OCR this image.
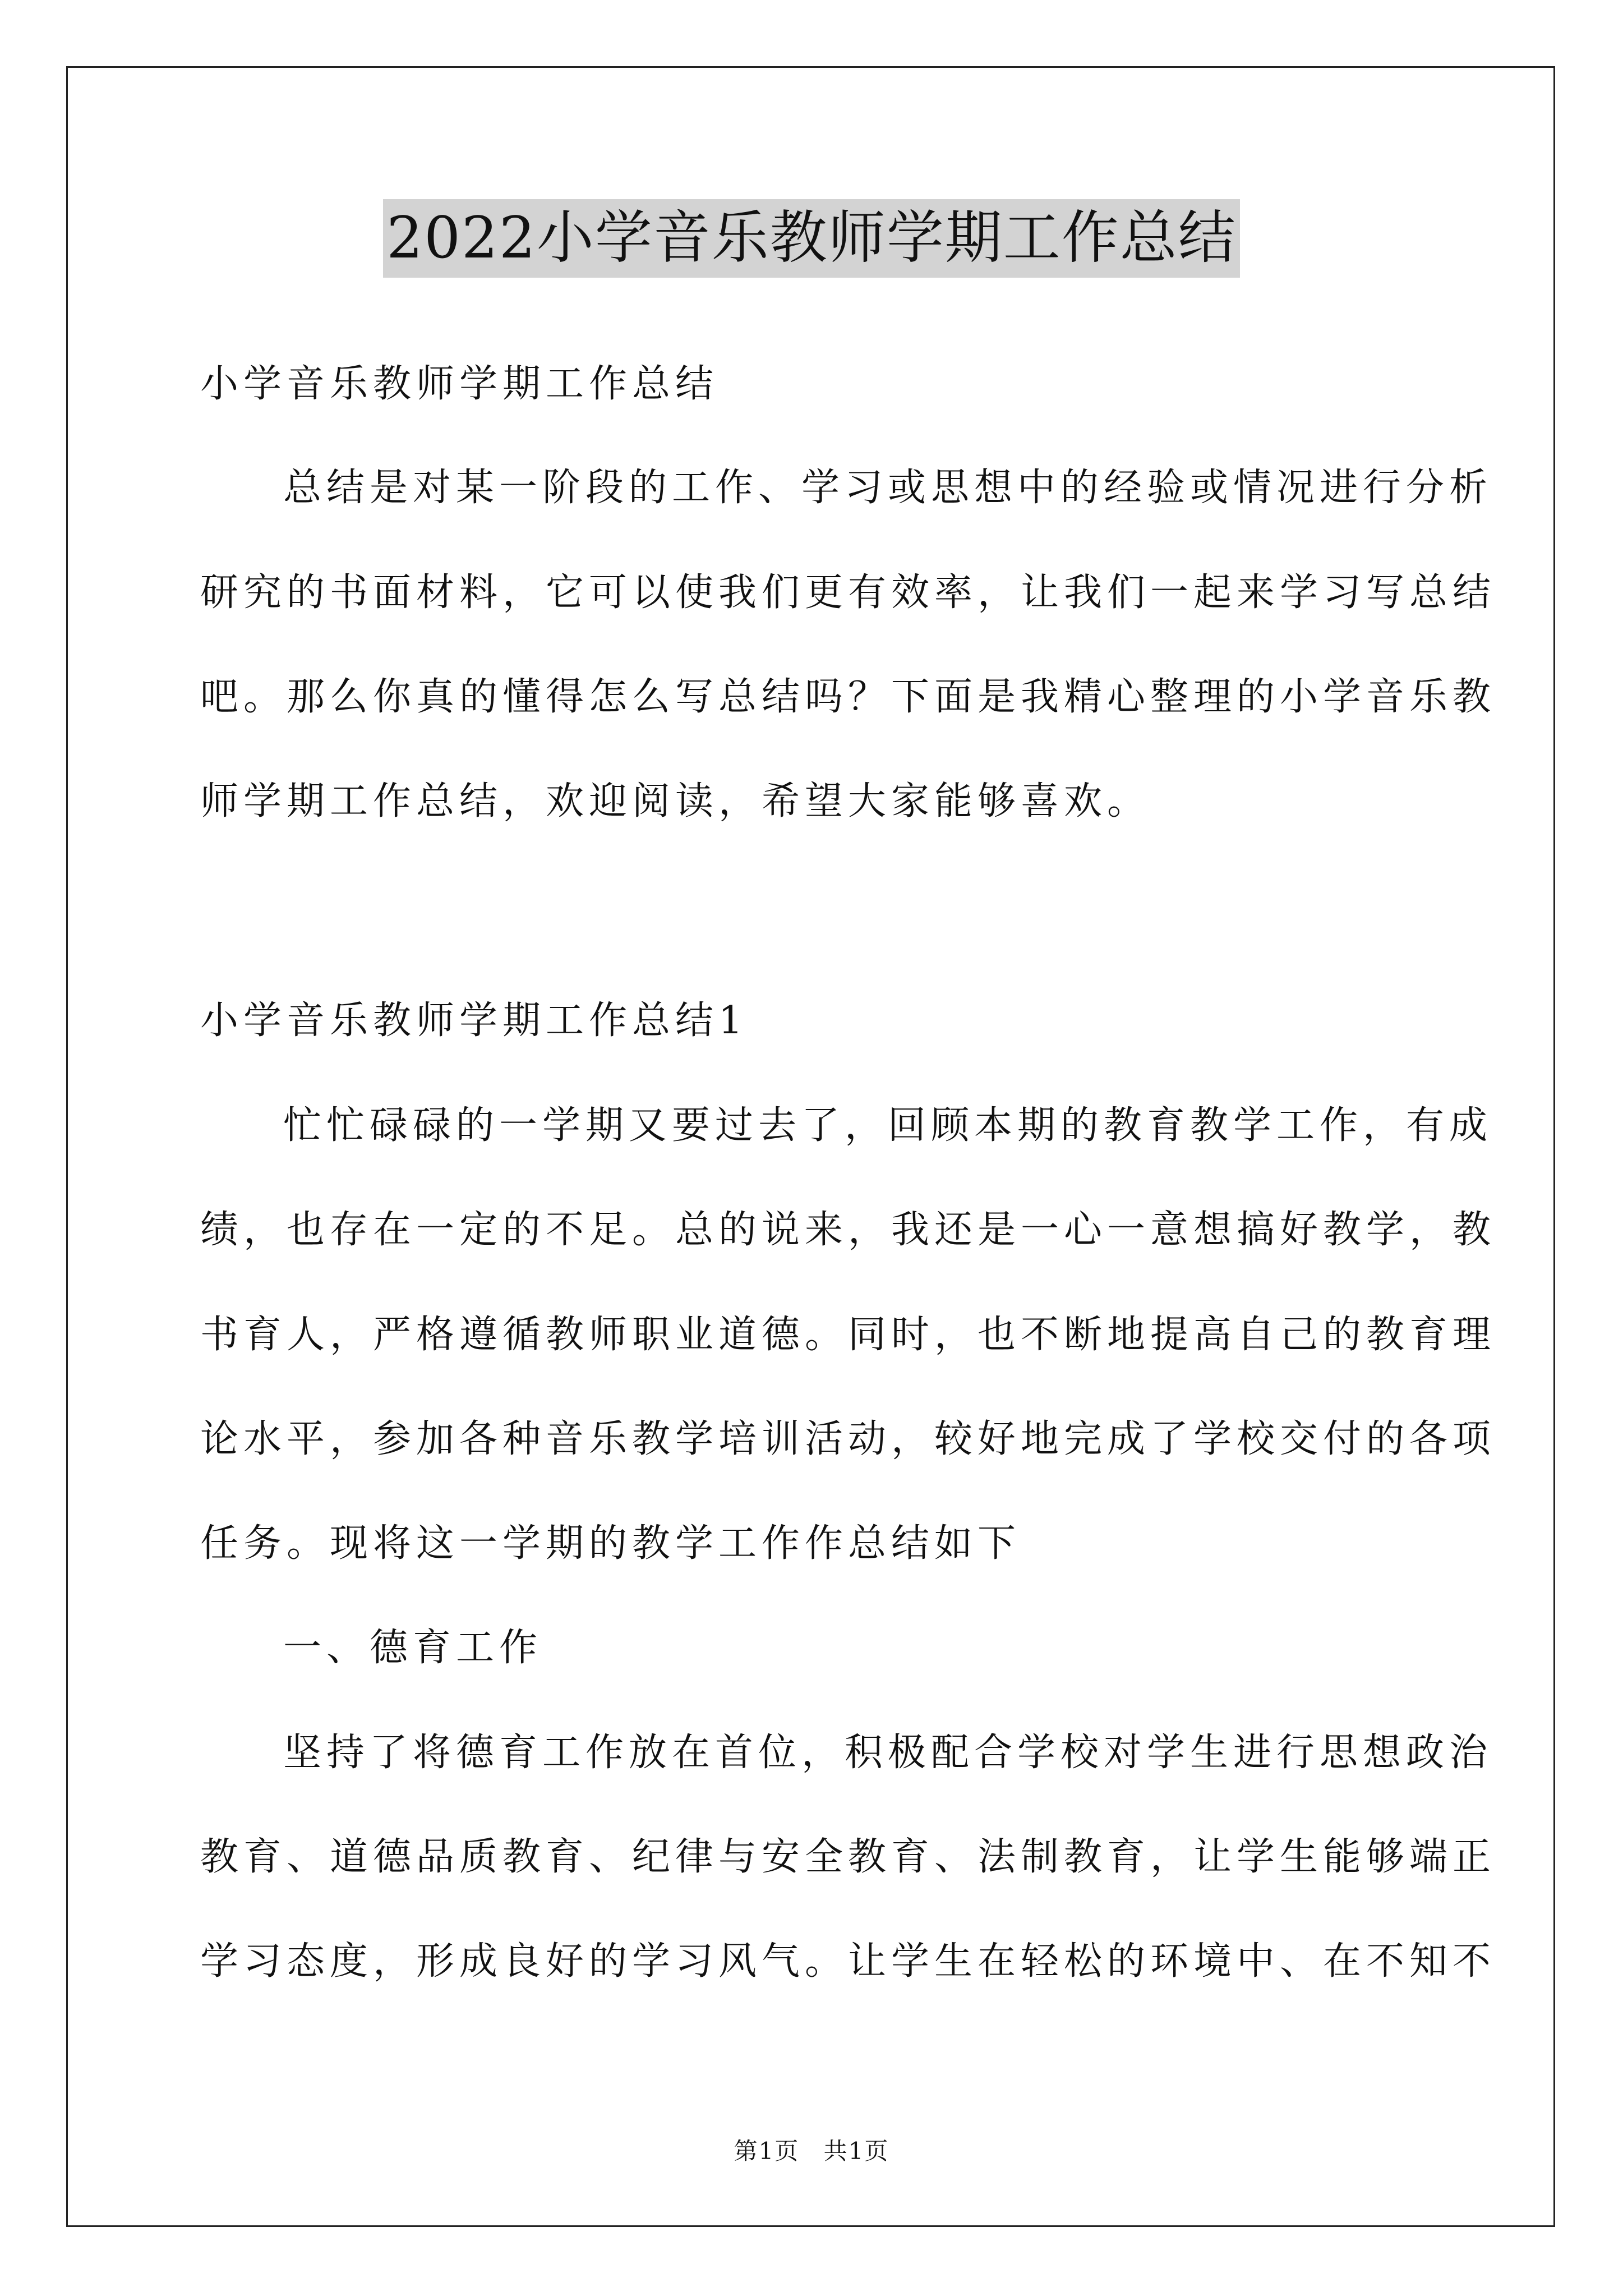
2022小学音乐教师学期工作总结
小学音乐教师学期工作总结
总结是对某一阶段的工作、学习或思想中的经验或情况进行分析
研究的书面材料，它可以使我们更有效率，让我们一起来学习写总结
吧。那么你真的懂得怎么写总结吗？下面是我精心整理的小学音乐教
师学期工作总结，欢迎阅读，希望大家能够喜欢。
小学音乐教师学期工作总结1
忙忙碌碌的一学期又要过去了，回顾本期的教育教学工作，有成
绩，也存在一定的不足。总的说来，我还是一心一意想搞好教学，教
书育人，严格遵循教师职业道德。同时，也不断地提高自己的教育理
论水平，参加各种音乐教学培训活动，较好地完成了学校交付的各项
任务。现将这一学期的教学工作作总结如下
一、德育工作
坚持了将德育工作放在首位，积极配合学校对学生进行思想政治
教育、道德品质教育、纪律与安全教育、法制教育，让学生能够端正
学习态度，形成良好的学习风气。让学生在轻松的环境中、在不知不
第1页 共1页
